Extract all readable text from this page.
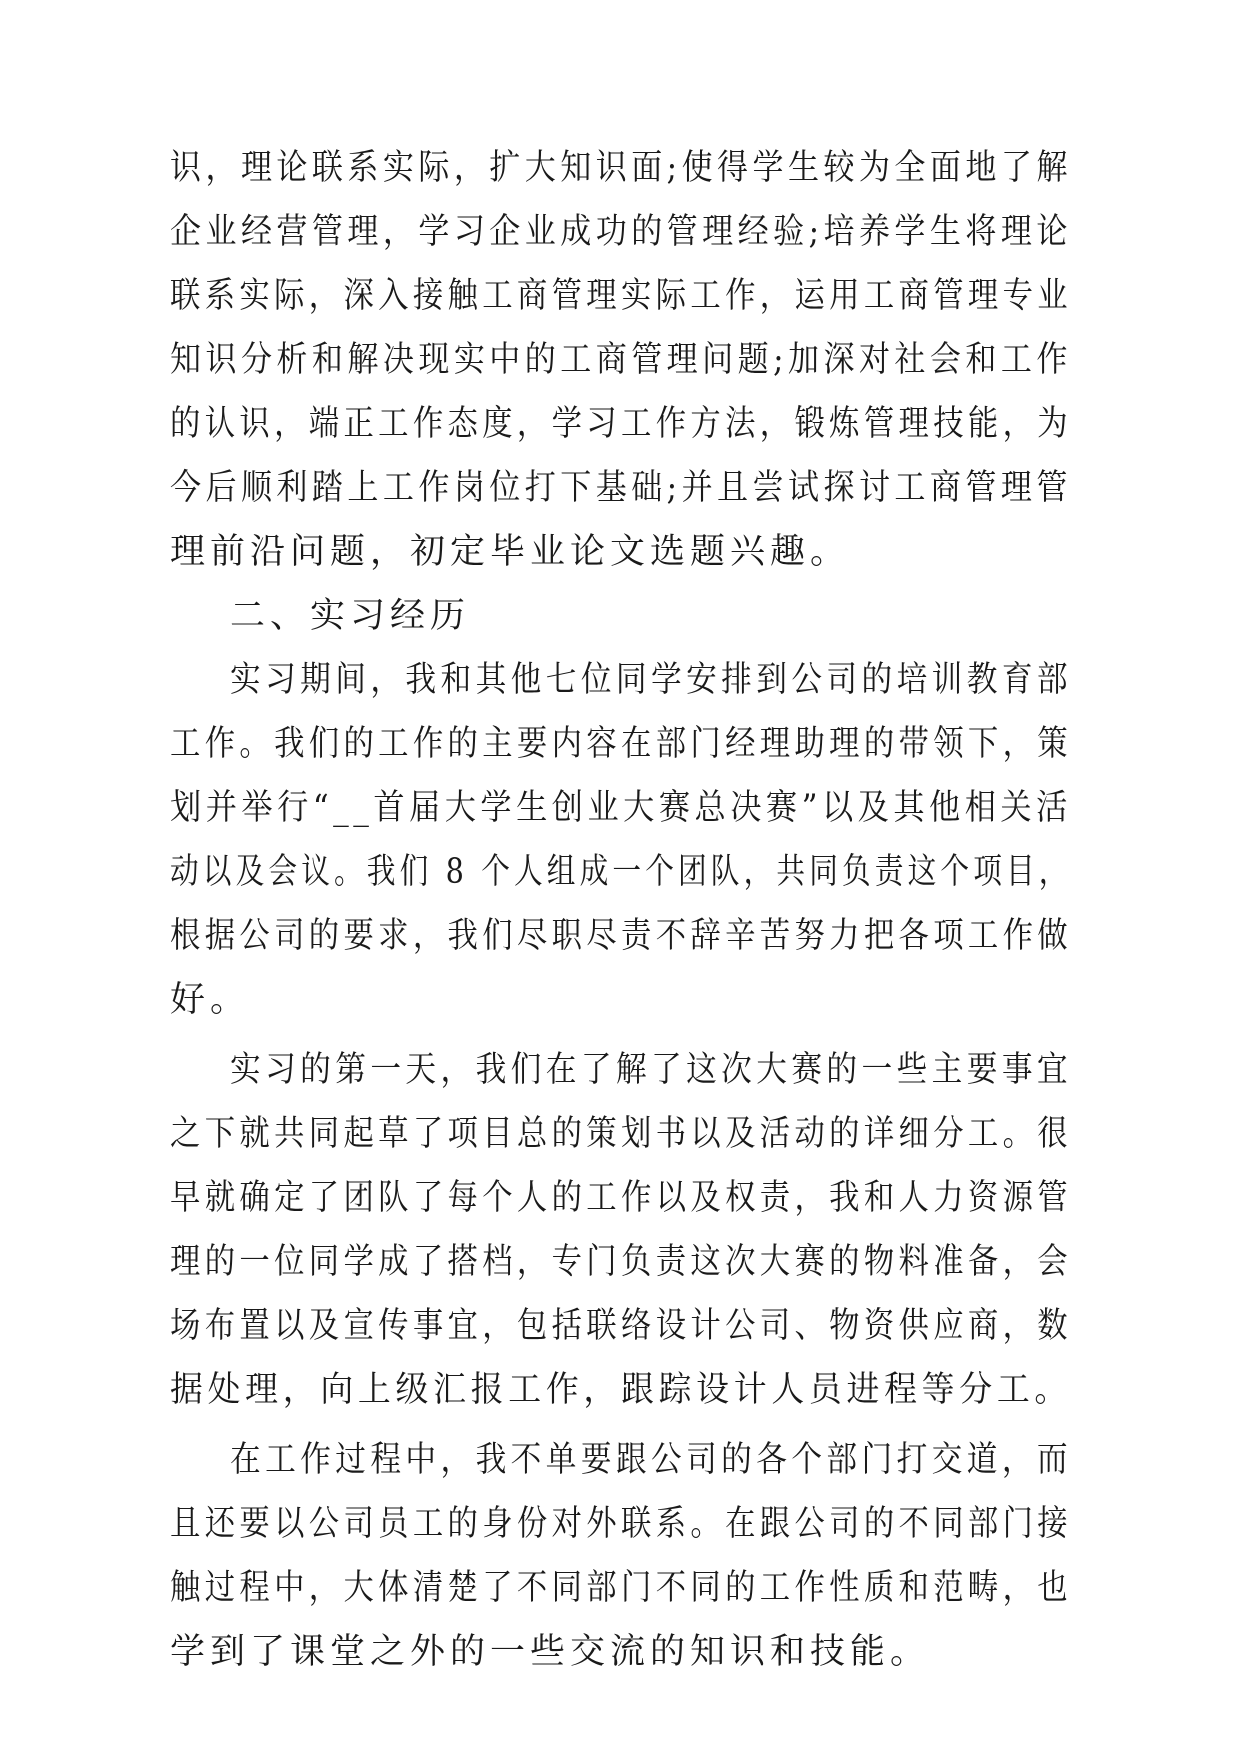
识，理论联系实际，扩大知识面;使得学生较为全面地了解
企业经营管理，学习企业成功的管理经验;培养学生将理论
联系实际，深入接触工商管理实际工作，运用工商管理专业
知识分析和解决现实中的工商管理问题;加深对社会和工作
的认识，端正工作态度，学习工作方法，锻炼管理技能，为
今后顺利踏上工作岗位打下基础;并且尝试探讨工商管理管
理前沿问题，初定毕业论文选题兴趣。
二、实习经历
实习期间，我和其他七位同学安排到公司的培训教育部
工作。我们的工作的主要内容在部门经理助理的带领下，策
划并举行“__首届大学生创业大赛总决赛”以及其他相关活
动以及会议。我们 8 个人组成一个团队，共同负责这个项目，
根据公司的要求，我们尽职尽责不辞辛苦努力把各项工作做
好。
实习的第一天，我们在了解了这次大赛的一些主要事宜
之下就共同起草了项目总的策划书以及活动的详细分工。很
早就确定了团队了每个人的工作以及权责，我和人力资源管
理的一位同学成了搭档，专门负责这次大赛的物料准备，会
场布置以及宣传事宜，包括联络设计公司、物资供应商，数
据处理，向上级汇报工作，跟踪设计人员进程等分工。
在工作过程中，我不单要跟公司的各个部门打交道，而
且还要以公司员工的身份对外联系。在跟公司的不同部门接
触过程中，大体清楚了不同部门不同的工作性质和范畴，也
学到了课堂之外的一些交流的知识和技能。
